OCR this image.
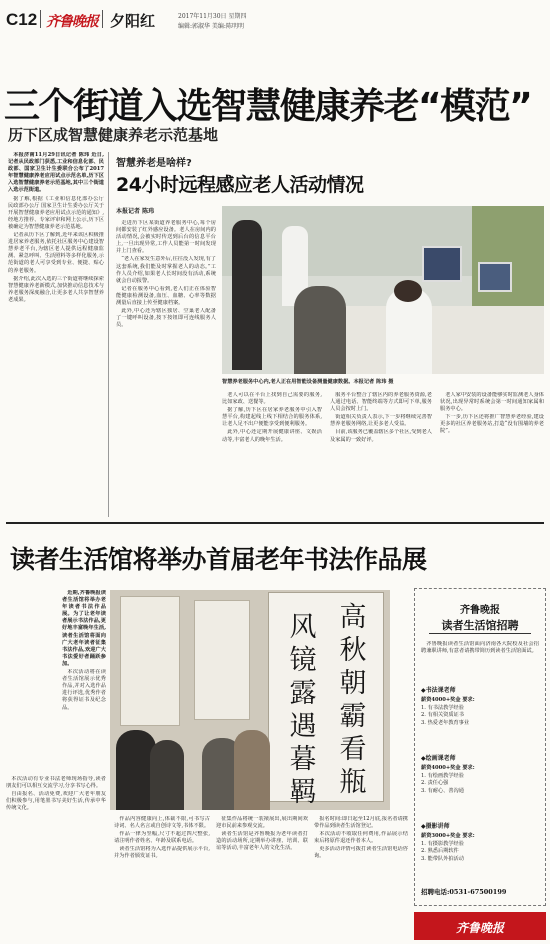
C12 齐鲁晚报 夕阳红	2017年11月30日 星期四
编辑:郭淑华 美编:陈明明
三个街道入选智慧健康养老“模范”
历下区成智慧健康养老示范基地

本报济南11月29日讯记者 陈玮 近日,记者从民政部门获悉,工业和信息化部、民政部、国家卫生计生委联合公布了2017年智慧健康养老应用试点示范名单,历下区入选智慧健康养老示范基地,其中三个街道入选示范街道。

据了解,根据《工业和信息化部办公厅 民政部办公厅 国家卫生计生委办公厅关于开展智慧健康养老应用试点示范的通知》,经地方推荐、专家评审和网上公示,历下区被确定为智慧健康养老示范基地。

记者从历下区了解到,近年来该区积极推进居家养老服务,依托社区服务中心建设智慧养老平台,为辖区老人提供远程健康监测、紧急呼叫、生活照料等多样化服务,示范街道的老人可享受到专业、便捷、贴心的养老服务。

据介绍,此次入选的三个街道将继续探索智慧健康养老新模式,加快推动信息技术与养老服务深度融合,让更多老人共享智慧养老成果。

智慧养老是啥样?
24小时远程感应老人活动情况
本报记者 陈玮

走进历下区某街道养老服务中心,每个房间都安装了红外感应设备。老人在房间内的活动情况,会被实时传送到后台的信息平台上,一旦出现异常,工作人员能第一时间发现并上门查看。

“老人在家发生意外后,往往没人发现,有了这套系统,我们能及时掌握老人的动态。”工作人员介绍,如果老人长时间没有活动,系统就会自动报警。

记者在服务中心看到,老人们正在体验智能健康检测设备,血压、血糖、心率等数据测量后直接上传至健康档案。

此外,中心还为辖区独居、空巢老人配备了一键呼叫设备,按下按钮即可连线服务人员。

智慧养老服务中心内,老人正在用智能设备测量健康数据。本报记者 陈玮 摄

老人可以在平台上找到自己需要的服务,比如家政、送餐等。

据了解,历下区在居家养老服务中引入智慧平台,构建起线上线下相结合的服务体系,让老人足不出户便能享受到便利服务。

此外,中心还定期开展健康讲座、文娱活动等,丰富老人的晚年生活。

服务平台整合了辖区内的养老服务资源,老人通过电话、智能终端等方式即可下单,服务人员会按时上门。

街道相关负责人表示,下一步将继续完善智慧养老服务网络,让更多老人受益。

目前,该服务已覆盖辖区多个社区,受到老人及家属的一致好评。

老人家中安装的设备能够实时监测老人身体状况,出现异常时系统会第一时间通知家属和服务中心。

下一步,历下区还将推广智慧养老经验,建设更多的社区养老服务站,打造“没有围墙的养老院”。

读者生活馆将举办首届老年书法作品展

近期,齐鲁晚报读者生活馆将举办老年读者书法作品展。为了让老年读者展示书法作品,更好地丰富晚年生活,读者生活馆将面向广大老年读者征集书法作品,欢迎广大书法爱好者踊跃参加。

本次活动将在读者生活馆展示优秀作品,并对入选作品进行评选,优秀作者将获得证书及纪念品。

高
秋
朝
霸
看
瓶
风
镜
露
遇
暮
羁

本次活动有专业书法老师现场指导,读者朋友们可以相互交流学习,分享书写心得。

自由报名、活动免费,欢迎广大老年朋友们积极参与,用笔墨书写美好生活,传承中华传统文化。

作品内容健康向上,体裁不限,可书写古诗词、名人名言或自创诗文等,书体不限。

作品一律为竖幅,尺寸不超过四尺整张,请注明作者姓名、年龄及联系电话。

读者生活馆将为入选作品提供展示平台,并为作者颁发证书。

征集作品将统一装裱展出,展出期间欢迎市民前来参观交流。

读者生活馆是齐鲁晚报为老年读者打造的活动场所,定期举办讲座、培训、联谊等活动,丰富老年人的文化生活。

报名时间:即日起至12月底,报名者请携带作品到读者生活馆登记。

本次活动不收取任何费用,作品展示结束后将原件退还作者本人。

更多活动详情可拨打读者生活馆电话咨询。

齐鲁晚报
读者生活馆招聘

齐鲁晚报读者生活馆面向济南各大院校及社会招聘兼职讲师,有意者请携带简历到读者生活馆面试。

◆书法课老师
薪资4000+奖金 要求:
1. 有书法教学经验
2. 有相关资质证书
3. 热爱老年教育事业
◆绘画课老师
薪资4000+奖金 要求:
1. 有绘画教学经验
2. 责任心强
3. 有耐心、善沟通
◆摄影讲师
薪资3000+奖金 要求:
1. 有摄影教学经验
2. 熟悉后期软件
3. 能带队外拍活动
招聘电话:0531-67500199
齐鲁晚报
